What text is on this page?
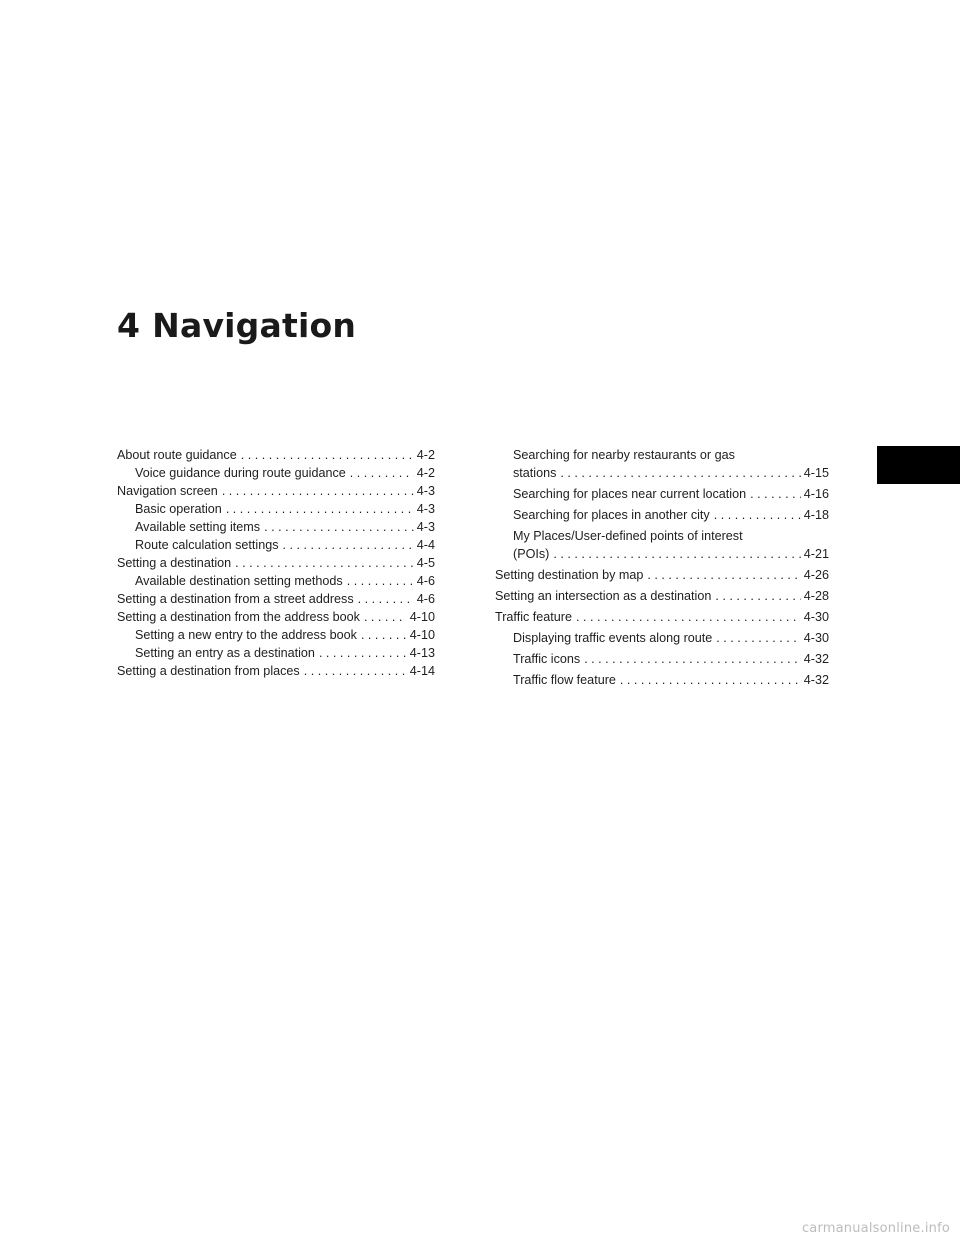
4 Navigation
About route guidance . . .	4-2
Voice guidance during route guidance . . .	4-2
Navigation screen . . .	4-3
Basic operation . . .	4-3
Available setting items . . .	4-3
Route calculation settings . . .	4-4
Setting a destination . . .	4-5
Available destination setting methods . . .	4-6
Setting a destination from a street address . . .	4-6
Setting a destination from the address book . . .	4-10
Setting a new entry to the address book . . .	4-10
Setting an entry as a destination . . .	4-13
Setting a destination from places . . .	4-14
Searching for nearby restaurants or gas
stations . . .	4-15
Searching for places near current location . . .	4-16
Searching for places in another city . . .	4-18
My Places/User-defined points of interest
(POIs) . . .	4-21
Setting destination by map . . .	4-26
Setting an intersection as a destination . . .	4-28
Traffic feature . . .	4-30
Displaying traffic events along route . . .	4-30
Traffic icons . . .	4-32
Traffic flow feature . . .	4-32
carmanualsonline.info
